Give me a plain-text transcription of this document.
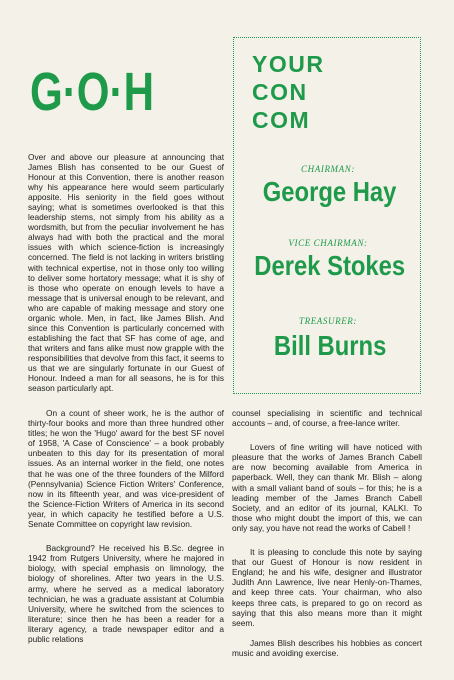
G·O·H
Over and above our pleasure at announcing that James Blish has consented to be our Guest of Honour at this Convention, there is another reason why his appearance here would seem particularly apposite. His seniority in the field goes without saying; what is sometimes overlooked is that this leadership stems, not simply from his ability as a wordsmith, but from the peculiar involvement he has always had with both the practical and the moral issues with which science-fiction is increasingly concerned. The field is not lacking in writers bristling with technical expertise, not in those only too willing to deliver some hortatory message; what it is shy of is those who operate on enough levels to have a message that is universal enough to be relevant, and who are capable of making message and story one organic whole. Men, in fact, like James Blish. And since this Convention is particularly concerned with establishing the fact that SF has come of age, and that writers and fans alike must now grapple with the responsibilities that devolve from this fact, it seems to us that we are singularly fortunate in our Guest of Honour. Indeed a man for all seasons, he is for this season particularly apt.
YOUR
CON
COM
CHAIRMAN:
George Hay
VICE CHAIRMAN:
Derek Stokes
TREASURER:
Bill Burns

On a count of sheer work, he is the author of thirty-four books and more than three hundred other titles; he won the 'Hugo' award for the best SF novel of 1958, 'A Case of Conscience' – a book probably unbeaten to this day for its presentation of moral issues. As an internal worker in the field, one notes that he was one of the three founders of the Milford (Pennsylvania) Science Fiction Writers' Conference, now in its fifteenth year, and was vice-president of the Science-Fiction Writers of America in its second year, in which capacity he testified before a U.S. Senate Committee on copyright law revision.

Background? He received his B.Sc. degree in 1942 from Rutgers University, where he majored in biology, with special emphasis on limnology, the biology of shorelines. After two years in the U.S. army, where he served as a medical laboratory technician, he was a graduate assistant at Columbia University, where he switched from the sciences to literature; since then he has been a reader for a literary agency, a trade newspaper editor and a public relations

counsel specialising in scientific and technical accounts – and, of course, a free-lance writer.

Lovers of fine writing will have noticed with pleasure that the works of James Branch Cabell are now becoming available from America in paperback. Well, they can thank Mr. Blish – along with a small valiant band of souls – for this; he is a leading member of the James Branch Cabell Society, and an editor of its journal, KALKI. To those who might doubt the import of this, we can only say, you have not read the works of Cabell !

It is pleasing to conclude this note by saying that our Guest of Honour is now resident in England; he and his wife, designer and illustrator Judith Ann Lawrence, live near Henly-on-Thames, and keep three cats. Your chairman, who also keeps three cats, is prepared to go on record as saying that this also means more than it might seem.

James Blish describes his hobbies as concert music and avoiding exercise.
